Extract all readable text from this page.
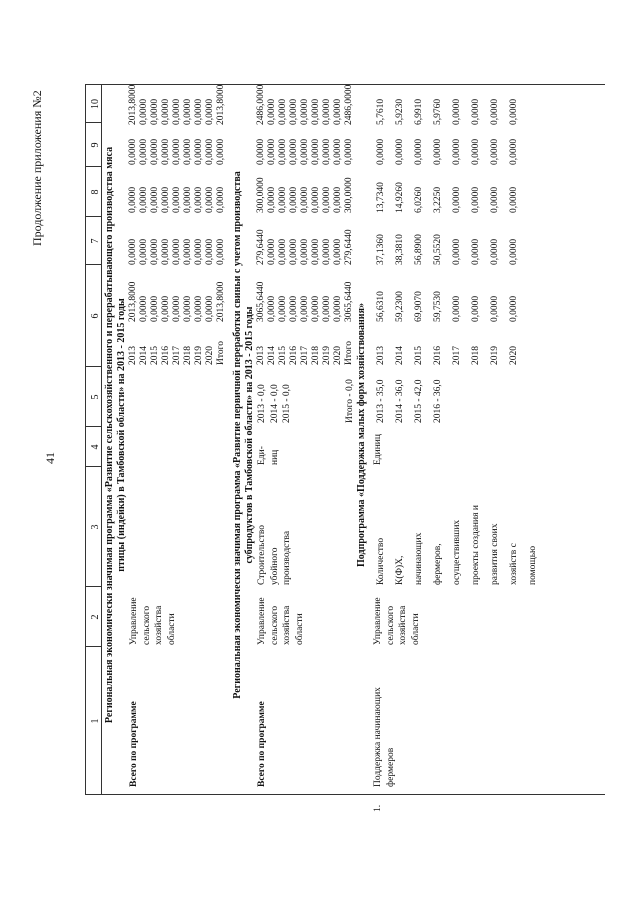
41
Продолжение приложения №2
1
2
3
4
5
6
7
8
9
10
Региональная экономически значимая программа «Развитие сельскохозяйственного и перерабатывающего производства мяса птицы (индейки) в Тамбовской области» на 2013 - 2015 годы
Всего по программе
Управление сельского хозяйства области
2013 2014 2015 2016 2017 2018 2019 2020 Итого
2013,8000 0,0000 0,0000 0,0000 0,0000 0,0000 0,0000 0,0000 2013,8000
0,0000 0,0000 0,0000 0,0000 0,0000 0,0000 0,0000 0,0000 0,0000
0,0000 0,0000 0,0000 0,0000 0,0000 0,0000 0,0000 0,0000 0,0000
0,0000 0,0000 0,0000 0,0000 0,0000 0,0000 0,0000 0,0000 0,0000
2013,8000 0,0000 0,0000 0,0000 0,0000 0,0000 0,0000 0,0000 2013,8000
Региональная экономически значимая программа «Развитие первичной переработки свиньи с учетом производства субпродуктов в Тамбовской области» на 2013 - 2015 годы
Всего по программе
Управление сельского хозяйства области
Строительство убойного производства
Еди- ниц
2013 - 0,0 2014 - 0,0 2015 - 0,0	Итого - 0,0
2013 2014 2015 2016 2017 2018 2019 2020 Итого
3065,6440 0,0000 0,0000 0,0000 0,0000 0,0000 0,0000 0,0000 3065,6440
279,6440 0,0000 0,0000 0,0000 0,0000 0,0000 0,0000 0,0000 279,6440
300,0000 0,0000 0,0000 0,0000 0,0000 0,0000 0,0000 0,0000 300,0000
0,0000 0,0000 0,0000 0,0000 0,0000 0,0000 0,0000 0,0000 0,0000
2486,0000 0,0000 0,0000 0,0000 0,0000 0,0000 0,0000 0,0000 2486,0000
Подпрограмма «Поддержка малых форм хозяйствования»
1.
Поддержка начинающих фермеров
Управление сельского хозяйства области
Количество К(Ф)Х, начинающих фермеров, осуществивших проекты создания и развития своих хозяйств с помощью
Единиц
2013 - 35,0 2014 - 36,0 2015 - 42,0 2016 - 36,0
2013 2014 2015 2016 2017 2018 2019 2020
56,6310 59,2300 69,9070 59,7530 0,0000 0,0000 0,0000 0,0000
37,1360 38,3810 56,8900 50,5520 0,0000 0,0000 0,0000 0,0000
13,7340 14,9260 6,0260 3,2250 0,0000 0,0000 0,0000 0,0000
0,0000 0,0000 0,0000 0,0000 0,0000 0,0000 0,0000 0,0000
5,7610 5,9230 6,9910 5,9760 0,0000 0,0000 0,0000 0,0000
